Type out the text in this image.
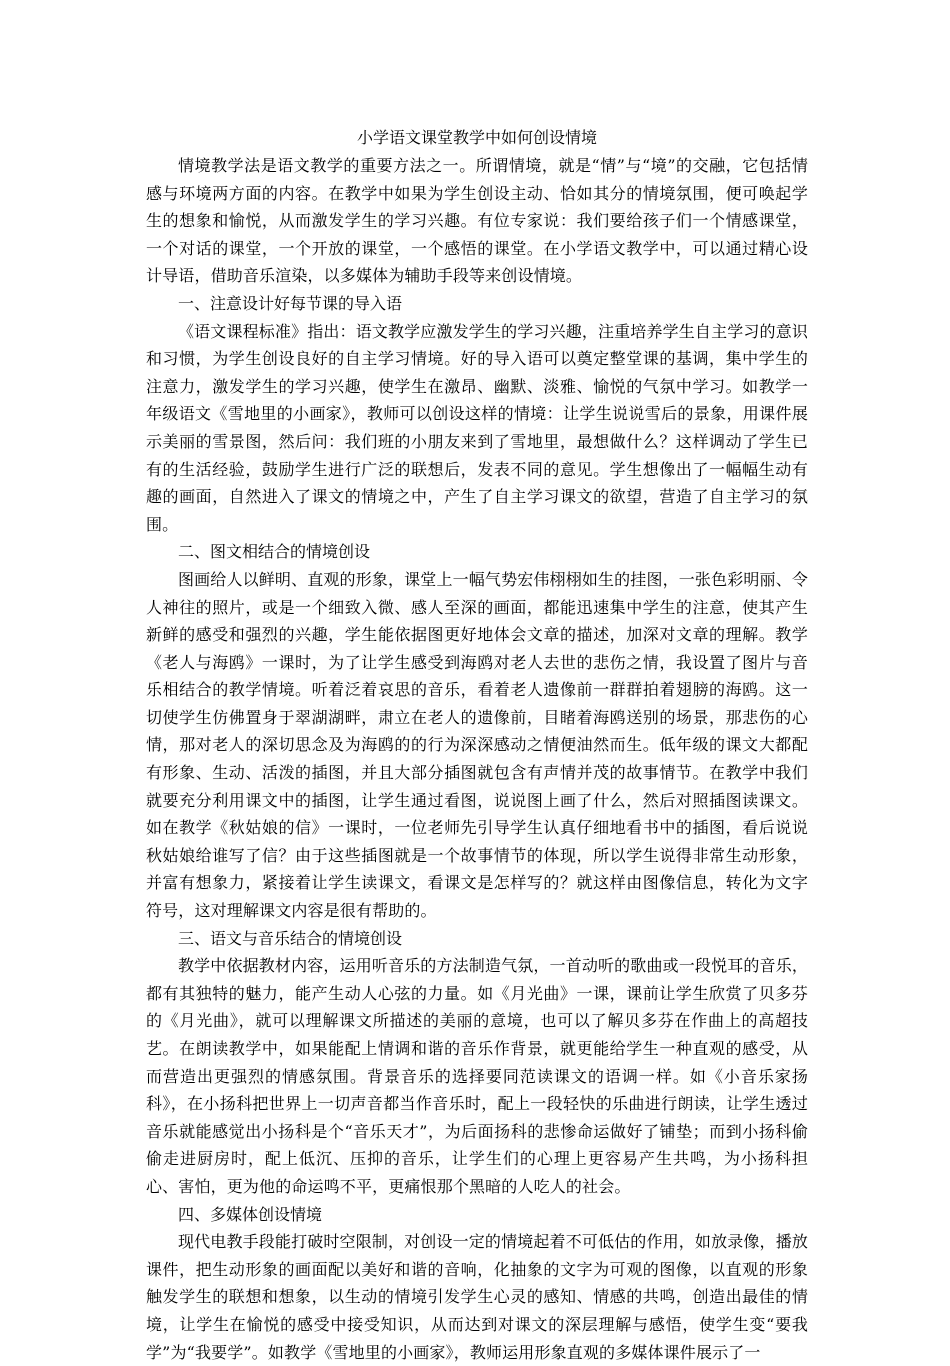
小学语文课堂教学中如何创设情境

情境教学法是语文教学的重要方法之一。所谓情境，就是“情”与“境”的交融，它包括情感与环境两方面的内容。在教学中如果为学生创设主动、恰如其分的情境氛围，便可唤起学生的想象和愉悦，从而激发学生的学习兴趣。有位专家说：我们要给孩子们一个情感课堂，一个对话的课堂，一个开放的课堂，一个感悟的课堂。在小学语文教学中，可以通过精心设计导语，借助音乐渲染，以多媒体为辅助手段等来创设情境。

一、注意设计好每节课的导入语

《语文课程标准》指出：语文教学应激发学生的学习兴趣，注重培养学生自主学习的意识和习惯，为学生创设良好的自主学习情境。好的导入语可以奠定整堂课的基调，集中学生的注意力，激发学生的学习兴趣，使学生在激昂、幽默、淡雅、愉悦的气氛中学习。如教学一年级语文《雪地里的小画家》，教师可以创设这样的情境：让学生说说雪后的景象，用课件展示美丽的雪景图，然后问：我们班的小朋友来到了雪地里，最想做什么？这样调动了学生已有的生活经验，鼓励学生进行广泛的联想后，发表不同的意见。学生想像出了一幅幅生动有趣的画面，自然进入了课文的情境之中，产生了自主学习课文的欲望，营造了自主学习的氛围。

二、图文相结合的情境创设

图画给人以鲜明、直观的形象，课堂上一幅气势宏伟栩栩如生的挂图，一张色彩明丽、令人神往的照片，或是一个细致入微、感人至深的画面，都能迅速集中学生的注意，使其产生新鲜的感受和强烈的兴趣，学生能依据图更好地体会文章的描述，加深对文章的理解。教学《老人与海鸥》一课时，为了让学生感受到海鸥对老人去世的悲伤之情，我设置了图片与音乐相结合的教学情境。听着泛着哀思的音乐，看着老人遗像前一群群拍着翅膀的海鸥。这一切使学生仿佛置身于翠湖湖畔，肃立在老人的遗像前，目睹着海鸥送别的场景，那悲伤的心情，那对老人的深切思念及为海鸥的的行为深深感动之情便油然而生。低年级的课文大都配有形象、生动、活泼的插图，并且大部分插图就包含有声情并茂的故事情节。在教学中我们就要充分利用课文中的插图，让学生通过看图，说说图上画了什么，然后对照插图读课文。如在教学《秋姑娘的信》一课时，一位老师先引导学生认真仔细地看书中的插图，看后说说秋姑娘给谁写了信？由于这些插图就是一个故事情节的体现，所以学生说得非常生动形象，并富有想象力，紧接着让学生读课文，看课文是怎样写的？就这样由图像信息，转化为文字符号，这对理解课文内容是很有帮助的。

三、语文与音乐结合的情境创设

教学中依据教材内容，运用听音乐的方法制造气氛，一首动听的歌曲或一段悦耳的音乐，都有其独特的魅力，能产生动人心弦的力量。如《月光曲》一课，课前让学生欣赏了贝多芬的《月光曲》，就可以理解课文所描述的美丽的意境，也可以了解贝多芬在作曲上的高超技艺。在朗读教学中，如果能配上情调和谐的音乐作背景，就更能给学生一种直观的感受，从而营造出更强烈的情感氛围。背景音乐的选择要同范读课文的语调一样。如《小音乐家扬科》，在小扬科把世界上一切声音都当作音乐时，配上一段轻快的乐曲进行朗读，让学生透过音乐就能感觉出小扬科是个“音乐天才”，为后面扬科的悲惨命运做好了铺垫；而到小扬科偷偷走进厨房时，配上低沉、压抑的音乐，让学生们的心理上更容易产生共鸣，为小扬科担心、害怕，更为他的命运鸣不平，更痛恨那个黑暗的人吃人的社会。

四、多媒体创设情境

现代电教手段能打破时空限制，对创设一定的情境起着不可低估的作用，如放录像，播放课件，把生动形象的画面配以美好和谐的音响，化抽象的文字为可观的图像，以直观的形象触发学生的联想和想象，以生动的情境引发学生心灵的感知、情感的共鸣，创造出最佳的情境，让学生在愉悦的感受中接受知识，从而达到对课文的深层理解与感悟，使学生变“要我学”为“我要学”。如教学《雪地里的小画家》，教师运用形象直观的多媒体课件展示了一
